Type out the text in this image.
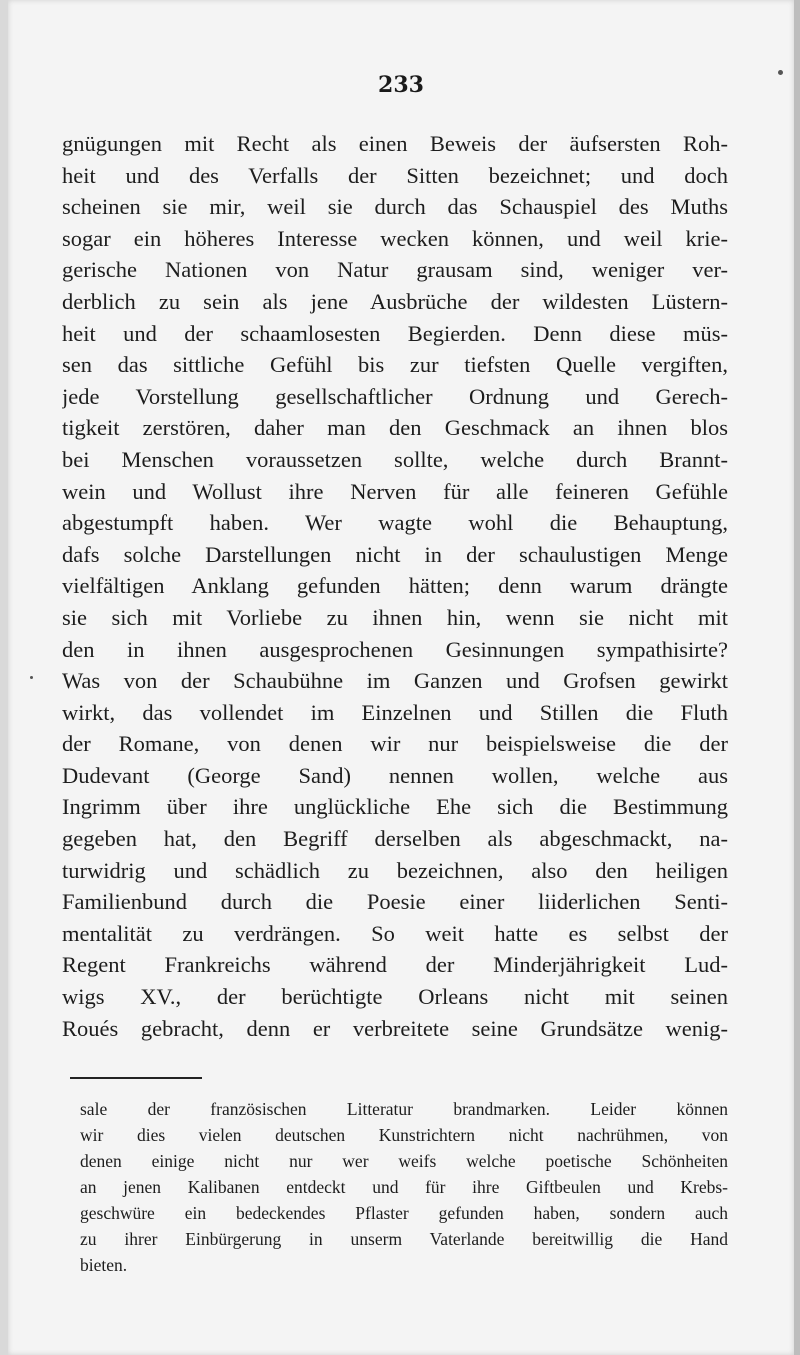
233
gnügungen mit Recht als einen Beweis der äufsersten Roh-
heit und des Verfalls der Sitten bezeichnet; und doch
scheinen sie mir, weil sie durch das Schauspiel des Muths
sogar ein höheres Interesse wecken können, und weil krie-
gerische Nationen von Natur grausam sind, weniger ver-
derblich zu sein als jene Ausbrüche der wildesten Lüstern-
heit und der schaamlosesten Begierden. Denn diese müs-
sen das sittliche Gefühl bis zur tiefsten Quelle vergiften,
jede Vorstellung gesellschaftlicher Ordnung und Gerech-
tigkeit zerstören, daher man den Geschmack an ihnen blos
bei Menschen voraussetzen sollte, welche durch Brannt-
wein und Wollust ihre Nerven für alle feineren Gefühle
abgestumpft haben. Wer wagte wohl die Behauptung,
dafs solche Darstellungen nicht in der schaulustigen Menge
vielfältigen Anklang gefunden hätten; denn warum drängte
sie sich mit Vorliebe zu ihnen hin, wenn sie nicht mit
den in ihnen ausgesprochenen Gesinnungen sympathisirte?
Was von der Schaubühne im Ganzen und Grofsen gewirkt
wirkt, das vollendet im Einzelnen und Stillen die Fluth
der Romane, von denen wir nur beispielsweise die der
Dudevant (George Sand) nennen wollen, welche aus
Ingrimm über ihre unglückliche Ehe sich die Bestimmung
gegeben hat, den Begriff derselben als abgeschmackt, na-
turwidrig und schädlich zu bezeichnen, also den heiligen
Familienbund durch die Poesie einer liiderlichen Senti-
mentalität zu verdrängen. So weit hatte es selbst der
Regent Frankreichs während der Minderjährigkeit Lud-
wigs XV., der berüchtigte Orleans nicht mit seinen
Roués gebracht, denn er verbreitete seine Grundsätze wenig-
sale der französischen Litteratur brandmarken. Leider können
wir dies vielen deutschen Kunstrichtern nicht nachrühmen, von
denen einige nicht nur wer weifs welche poetische Schönheiten
an jenen Kalibanen entdeckt und für ihre Giftbeulen und Krebs-
geschwüre ein bedeckendes Pflaster gefunden haben, sondern auch
zu ihrer Einbürgerung in unserm Vaterlande bereitwillig die Hand
bieten.
